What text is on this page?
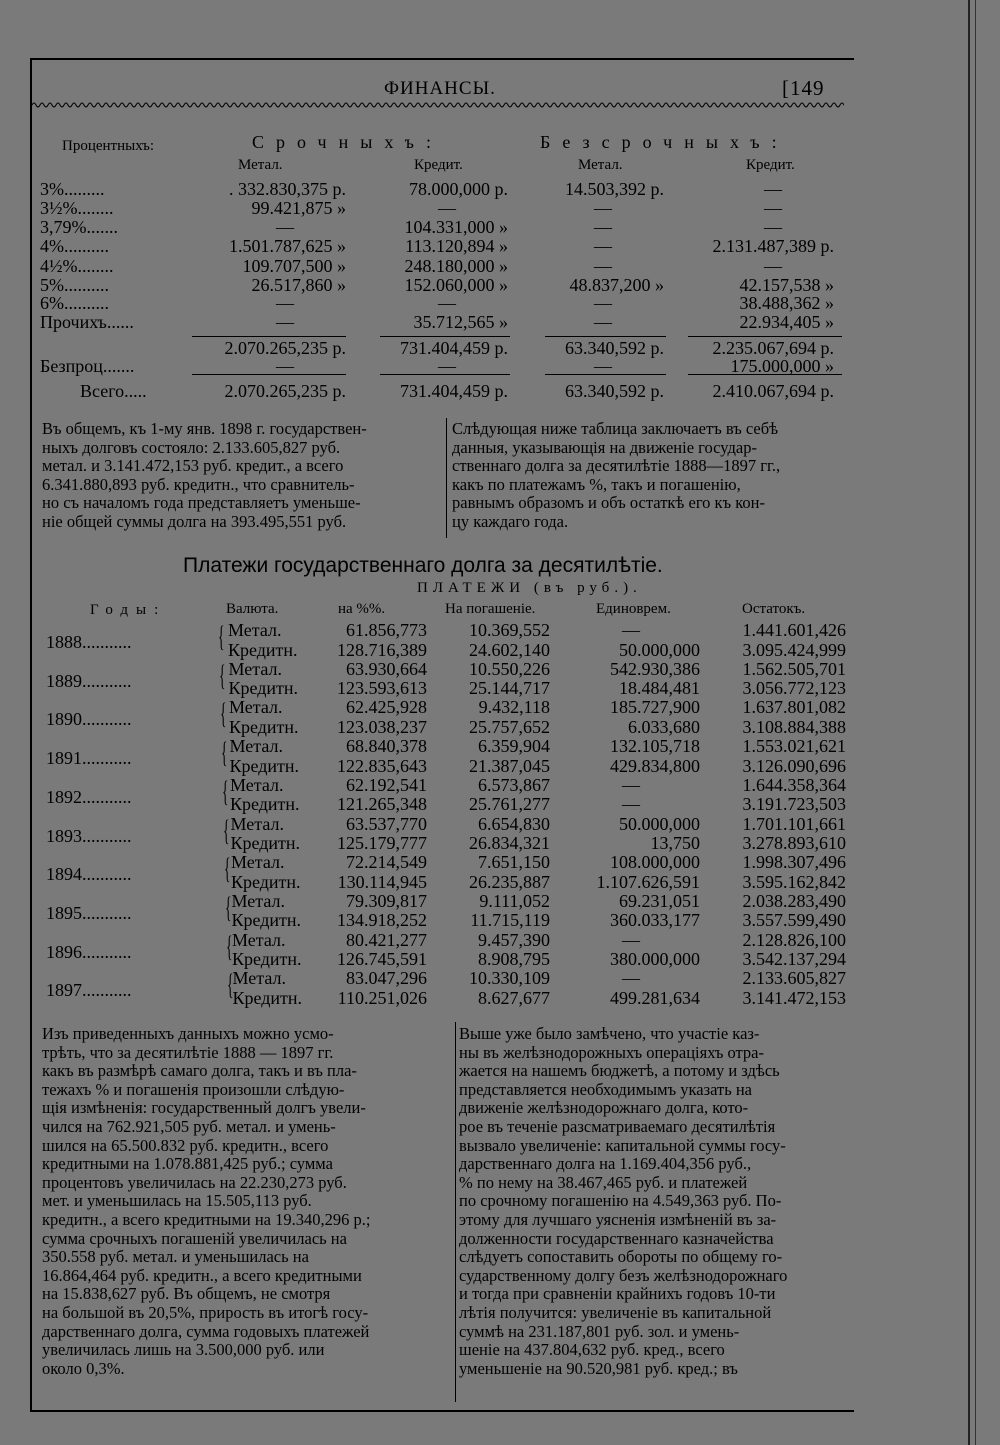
ФИНАНСЫ.	[149
Процентныхъ:	Срочныхъ:	Безсрочныхъ:
Метал.	Кредит.	Метал.	Кредит.
3%.........	. 332.830,375 р.	78.000,000 р.	14.503,392 р.	—
3½%........	99.421,875 »	—	—	—
3,79%.......	—	104.331,000 »	—	—
4%..........	1.501.787,625 »	113.120,894 »	—	2.131.487,389 р.
4½%........	109.707,500 »	248.180,000 »	—	—
5%..........	26.517,860 »	152.060,000 »	48.837,200 »	42.157,538 »
6%..........	—	—	—	38.488,362 »
Прочихъ......	—	35.712,565 »	—	22.934,405 »
2.070.265,235 р.	731.404,459 р.	63.340,592 р.	2.235.067,694 р.
Безпроц.......	—	—	—	175.000,000 »
Всего.....	2.070.265,235 р.	731.404,459 р.	63.340,592 р.	2.410.067,694 р.
Въ общемъ, къ 1-му янв. 1898 г. государствен-
ныхъ долговъ состояло: 2.133.605,827 руб.
метал. и 3.141.472,153 руб. кредит., а всего
6.341.880,893 руб. кредитн., что сравнитель-
но съ началомъ года представляетъ уменьше-
ніе общей суммы долга на 393.495,551 руб.
Слѣдующая ниже таблица заключаетъ въ себѣ
данныя, указывающія на движеніе государ-
ственнаго долга за десятилѣтіе 1888—1897 гг.,
какъ по платежамъ %, такъ и погашенію,
равнымъ образомъ и объ остаткѣ его къ кон-
цу каждаго года.
Платежи государственнаго долга за десятилѣтіе.
ПЛАТЕЖИ (въ руб.).
Годы:	Валюта.	на %%.	На погашеніе.	Единоврем.	Остатокъ.
1888...........	{ Метал.	61.856,773 10.369,552	—	1.441.601,426
Кредитн. 128.716,389 24.602,140	50.000,000 3.095.424,999
1889...........	{ Метал.	63.930,664 10.550,226	542.930,386 1.562.505,701
Кредитн. 123.593,613 25.144,717	18.484,481 3.056.772,123
1890...........	{ Метал.	62.425,928	9.432,118	185.727,900 1.637.801,082
Кредитн. 123.038,237 25.757,652	6.033,680 3.108.884,388
1891...........	{ Метал.	68.840,378	6.359,904	132.105,718 1.553.021,621
Кредитн. 122.835,643 21.387,045	429.834,800 3.126.090,696
1892...........	{ Метал.	62.192,541	6.573,867	—	1.644.358,364
Кредитн. 121.265,348 25.761,277	—	3.191.723,503
1893...........	{ Метал.	63.537,770	6.654,830	50.000,000 1.701.101,661
Кредитн. 125.179,777 26.834,321	13,750 3.278.893,610
1894...........	{ Метал.	72.214,549	7.651,150	108.000,000 1.998.307,496
Кредитн. 130.114,945 26.235,887	1.107.626,591 3.595.162,842
1895...........	{ Метал.	79.309,817	9.111,052	69.231,051 2.038.283,490
Кредитн. 134.918,252 11.715,119	360.033,177 3.557.599,490
1896...........	{ Метал.	80.421,277	9.457,390	—	2.128.826,100
Кредитн. 126.745,591	8.908,795	380.000,000 3.542.137,294
1897...........	{ Метал.	83.047,296 10.330,109	—	2.133.605,827
Кредитн. 110.251,026	8.627,677	499.281,634 3.141.472,153
Изъ приведенныхъ данныхъ можно усмо-
трѣть, что за десятилѣтіе 1888 — 1897 гг.
какъ въ размѣрѣ самаго долга, такъ и въ пла-
тежахъ % и погашенія произошли слѣдую-
щія измѣненія: государственный долгъ увели-
чился на 762.921,505 руб. метал. и умень-
шился на 65.500.832 руб. кредитн., всего
кредитными на 1.078.881,425 руб.; сумма
процентовъ увеличилась на 22.230,273 руб.
мет. и уменьшилась на 15.505,113 руб.
кредитн., а всего кредитными на 19.340,296 р.;
сумма срочныхъ погашеній увеличилась на
350.558 руб. метал. и уменьшилась на
16.864,464 руб. кредитн., а всего кредитными
на 15.838,627 руб. Въ общемъ, не смотря
на большой въ 20,5%, прирость въ итогѣ госу-
дарственнаго долга, сумма годовыхъ платежей
увеличилась лишь на 3.500,000 руб. или
около 0,3%.
Выше уже было замѣчено, что участіе каз-
ны въ желѣзнодорожныхъ операціяхъ отра-
жается на нашемъ бюджетѣ, а потому и здѣсь
представляется необходимымъ указать на
движеніе желѣзнодорожнаго долга, кото-
рое въ теченіе разсматриваемаго десятилѣтія
вызвало увеличеніе: капитальной суммы госу-
дарственнаго долга на 1.169.404,356 руб.,
% по нему на 38.467,465 руб. и платежей
по срочному погашенію на 4.549,363 руб. По-
этому для лучшаго уясненія измѣненій въ за-
долженности государственнаго казначейства
слѣдуетъ сопоставить обороты по общему го-
сударственному долгу безъ желѣзнодорожнаго
и тогда при сравненіи крайнихъ годовъ 10-ти
лѣтія получится: увеличеніе въ капитальной
суммѣ на 231.187,801 руб. зол. и умень-
шеніе на 437.804,632 руб. кред., всего
уменьшеніе на 90.520,981 руб. кред.; въ
